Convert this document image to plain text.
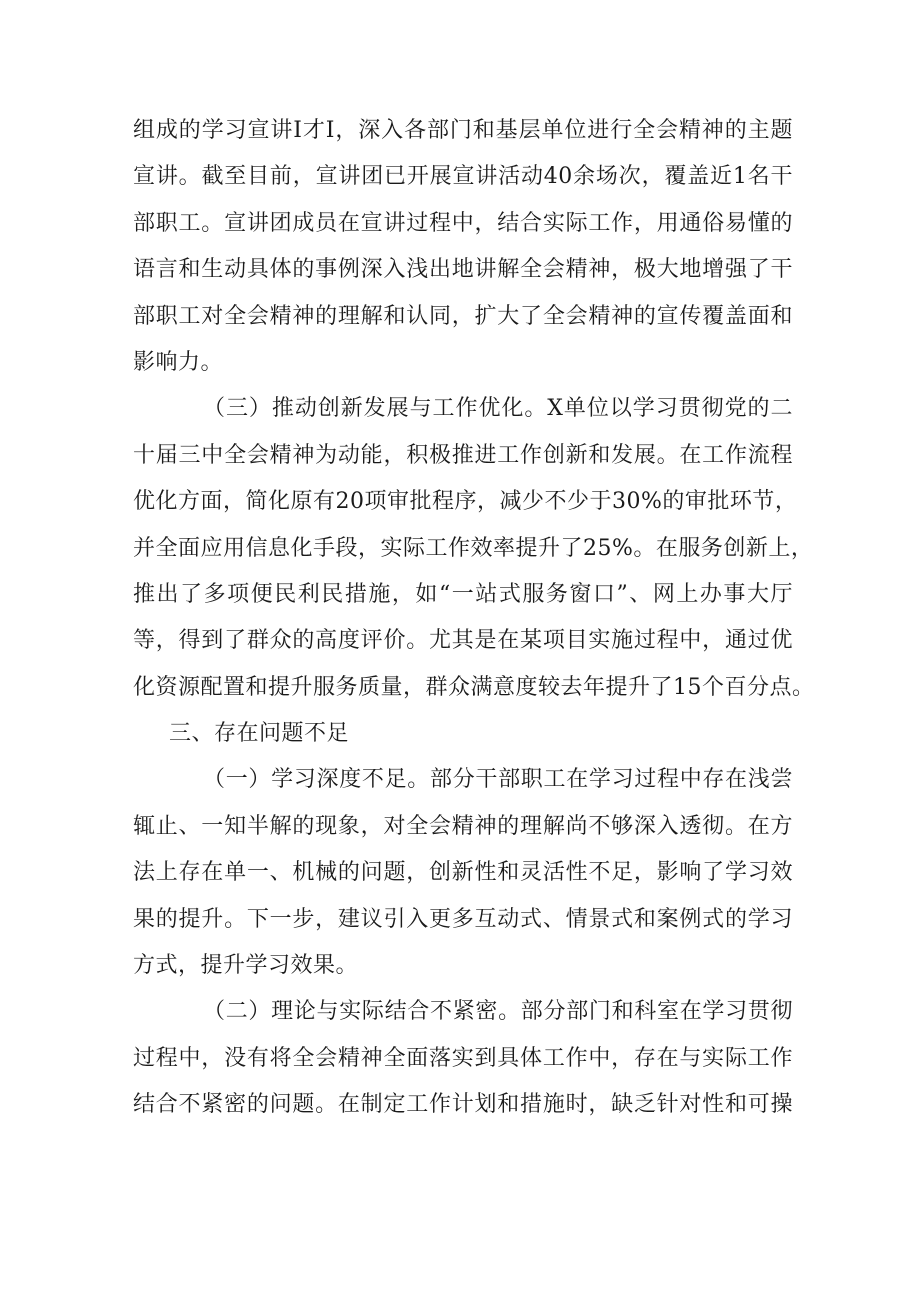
组成的学习宣讲I才I，深入各部门和基层单位进行全会精神的主题
宣讲。截至目前，宣讲团已开展宣讲活动40余场次，覆盖近1名干
部职工。宣讲团成员在宣讲过程中，结合实际工作，用通俗易懂的
语言和生动具体的事例深入浅出地讲解全会精神，极大地增强了干
部职工对全会精神的理解和认同，扩大了全会精神的宣传覆盖面和
影响力。
（三）推动创新发展与工作优化。X单位以学习贯彻党的二
十届三中全会精神为动能，积极推进工作创新和发展。在工作流程
优化方面，简化原有20项审批程序，减少不少于30%的审批环节，
并全面应用信息化手段，实际工作效率提升了25%。在服务创新上，
推出了多项便民利民措施，如“一站式服务窗口”、网上办事大厅
等，得到了群众的高度评价。尤其是在某项目实施过程中，通过优
化资源配置和提升服务质量，群众满意度较去年提升了15个百分点。
三、存在问题不足
（一）学习深度不足。部分干部职工在学习过程中存在浅尝
辄止、一知半解的现象，对全会精神的理解尚不够深入透彻。在方
法上存在单一、机械的问题，创新性和灵活性不足，影响了学习效
果的提升。下一步，建议引入更多互动式、情景式和案例式的学习
方式，提升学习效果。
（二）理论与实际结合不紧密。部分部门和科室在学习贯彻
过程中，没有将全会精神全面落实到具体工作中，存在与实际工作
结合不紧密的问题。在制定工作计划和措施时，缺乏针对性和可操
